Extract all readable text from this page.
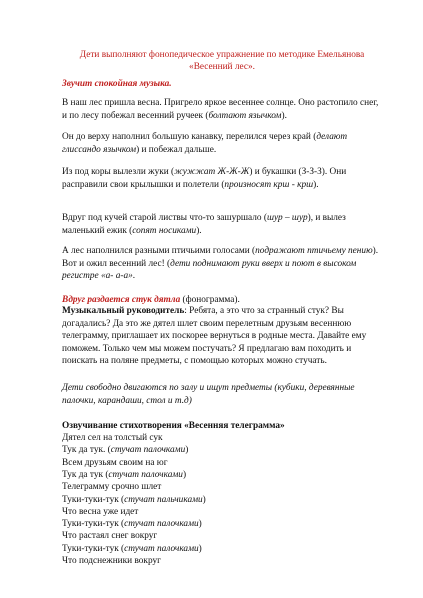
Дети выполняют фонопедическое упражнение по методике Емельянова
«Весенний лес».

Звучит спокойная музыка.

В наш лес пришла весна. Пригрело яркое весеннее солнце. Оно растопило снег, и по лесу побежал весенний ручеек (болтают язычком).

Он до верху наполнил большую канавку, перелился через край (делают глиссандо язычком) и побежал дальше.

Из под коры вылезли жуки (жужжат Ж-Ж-Ж) и букашки (З-З-З). Они расправили свои крылышки и полетели (произносят крш - крш).

Вдруг под кучей старой листвы что-то зашуршало (шур – шур), и вылез маленький ежик (сопят носиками).

А лес наполнился разными птичьими голосами (подражают птичьему пению). Вот и ожил весенний лес! (дети поднимают руки вверх и поют в высоком регистре «а- а-а».

Вдруг раздается стук дятла (фонограмма).

Музыкальный руководитель: Ребята, а это что за странный стук? Вы догадались? Да это же дятел шлет своим перелетным друзьям весеннюю телеграмму, приглашает их поскорее вернуться в родные места. Давайте ему поможем. Только чем мы можем постучать? Я предлагаю вам походить и поискать на поляне предметы, с помощью которых можно стучать.

Дети свободно двигаются по залу и ищут предметы (кубики, деревянные палочки, карандаши, стол и т.д)

Озвучивание стихотворения «Весенняя телеграмма»

Дятел сел на толстый сук
Тук да тук. (стучат палочками)
Всем друзьям своим на юг
Тук да тук (стучат палочками)
Телеграмму срочно шлет
Туки-туки-тук (стучат пальчиками)
Что весна уже идет
Туки-туки-тук (стучат палочками)
Что растаял снег вокруг
Туки-туки-тук (стучат палочками)
Что подснежники вокруг
